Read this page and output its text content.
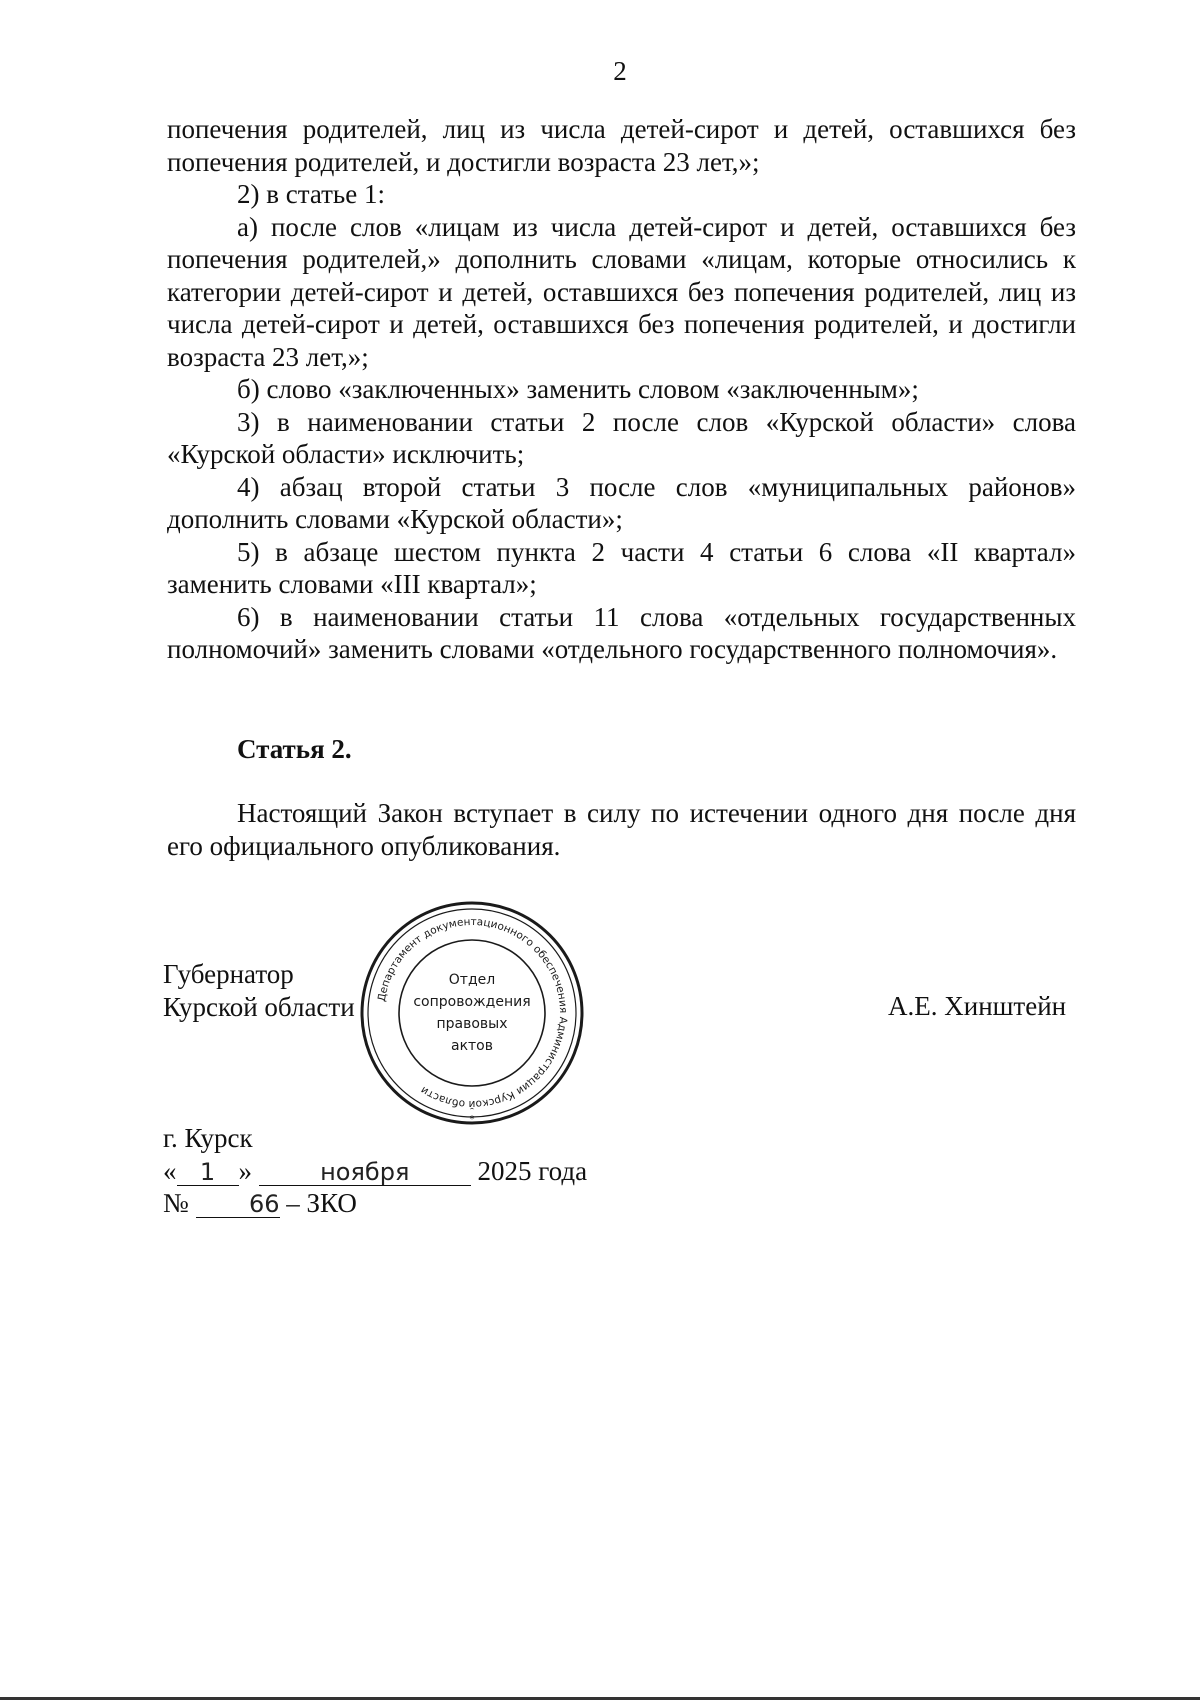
2

попечения родителей, лиц из числа детей-сирот и детей, оставшихся без попечения родителей, и достигли возраста 23 лет,»;

2) в статье 1:

а) после слов «лицам из числа детей-сирот и детей, оставшихся без попечения родителей,» дополнить словами «лицам, которые относились к категории детей-сирот и детей, оставшихся без попечения родителей, лиц из числа детей-сирот и детей, оставшихся без попечения родителей, и достигли возраста 23 лет,»;

б) слово «заключенных» заменить словом «заключенным»;

3) в наименовании статьи 2 после слов «Курской области» слова «Курской области» исключить;

4) абзац второй статьи 3 после слов «муниципальных районов» дополнить словами «Курской области»;

5) в абзаце шестом пункта 2 части 4 статьи 6 слова «II квартал» заменить словами «III квартал»;

6) в наименовании статьи 11 слова «отдельных государственных полномочий» заменить словами «отдельного государственного полномочия».

Статья 2.

Настоящий Закон вступает в силу по истечении одного дня после дня его официального опубликования.

Губернатор
Курской области Департамент документационного обеспечения Администрации Курской области
*
Отдел
сопровождения
правовых
актов
А.Е. Хинштейн
г. Курск
« 1 »	ноября	2025 года
№	66 – ЗКО
